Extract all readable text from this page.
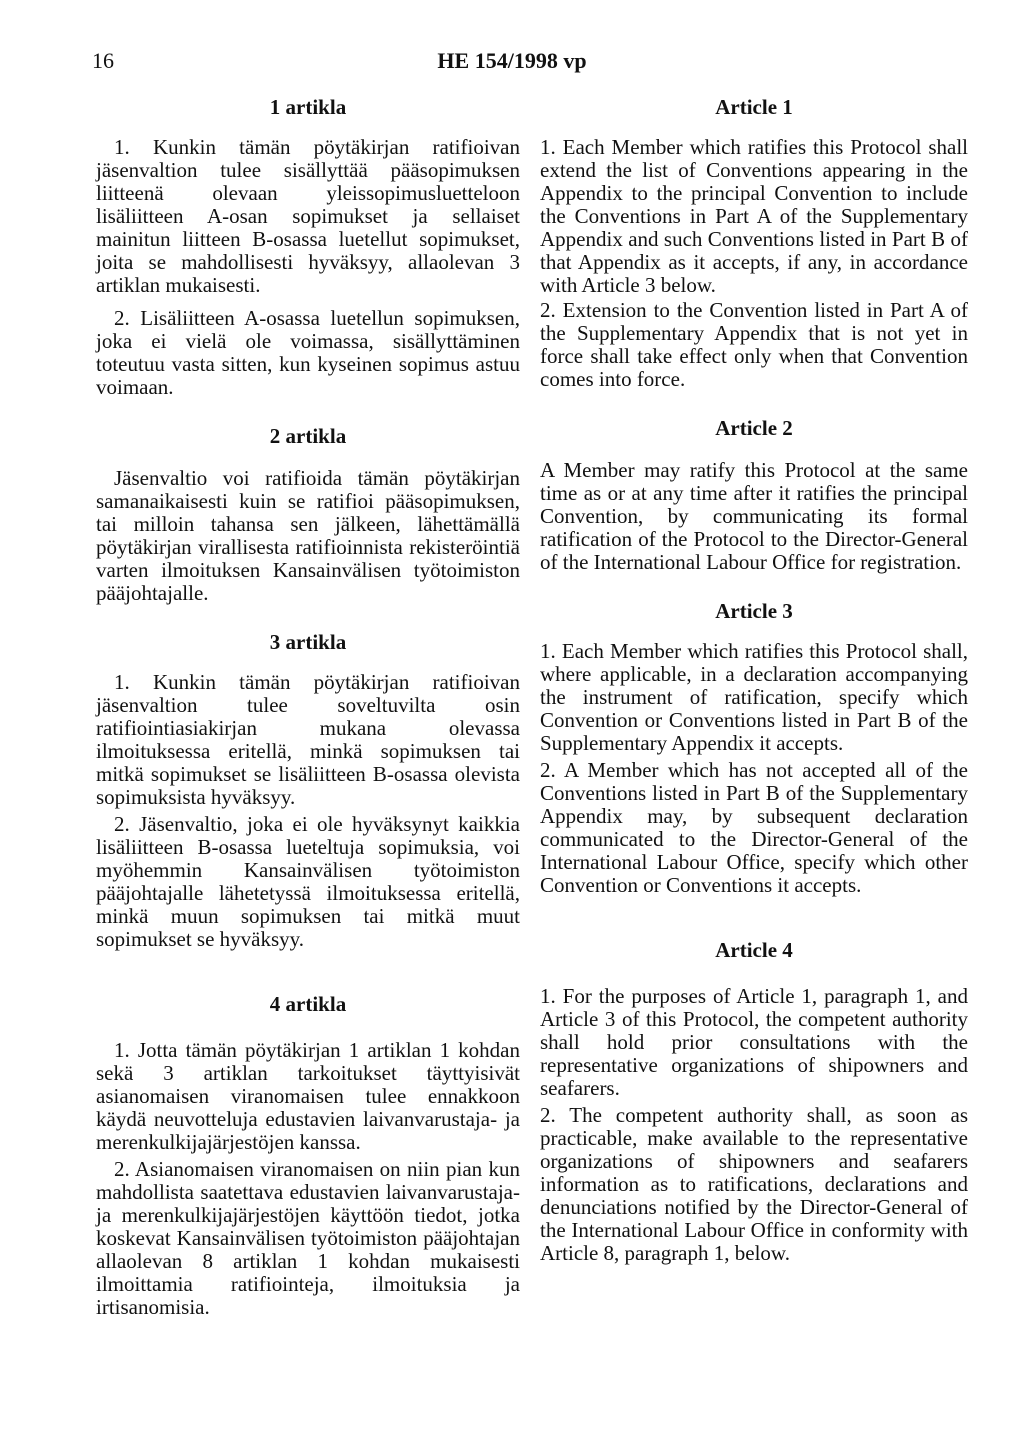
16	HE 154/1998 vp
1 artikla

1. Kunkin tämän pöytäkirjan ratifioivan jäsenvaltion tulee sisällyttää pääsopimuksen liitteenä olevaan yleissopimusluetteloon lisäliitteen A-osan sopimukset ja sellaiset mainitun liitteen B-osassa luetellut sopimukset, joita se mahdollisesti hyväksyy, allaolevan 3 artiklan mukaisesti.

2. Lisäliitteen A-osassa luetellun sopimuksen, joka ei vielä ole voimassa, sisällyttäminen toteutuu vasta sitten, kun kyseinen sopimus astuu voimaan.

2 artikla

Jäsenvaltio voi ratifioida tämän pöytäkirjan samanaikaisesti kuin se ratifioi pääsopimuksen, tai milloin tahansa sen jälkeen, lähettämällä pöytäkirjan virallisesta ratifioinnista rekisteröintiä varten ilmoituksen Kansainvälisen työtoimiston pääjohtajalle.

3 artikla

1. Kunkin tämän pöytäkirjan ratifioivan jäsenvaltion tulee soveltuvilta osin ratifiointiasiakirjan mukana olevassa ilmoituksessa eritellä, minkä sopimuksen tai mitkä sopimukset se lisäliitteen B-osassa olevista sopimuksista hyväksyy.

2. Jäsenvaltio, joka ei ole hyväksynyt kaikkia lisäliitteen B-osassa lueteltuja sopimuksia, voi myöhemmin Kansainvälisen työtoimiston pääjohtajalle lähetetyssä ilmoituksessa eritellä, minkä muun sopimuksen tai mitkä muut sopimukset se hyväksyy.

4 artikla

1. Jotta tämän pöytäkirjan 1 artiklan 1 kohdan sekä 3 artiklan tarkoitukset täyttyisivät asianomaisen viranomaisen tulee ennakkoon käydä neuvotteluja edustavien laivanvarustaja- ja merenkulkijajärjestöjen kanssa.

2. Asianomaisen viranomaisen on niin pian kun mahdollista saatettava edustavien laivanvarustaja- ja merenkulkijajärjestöjen käyttöön tiedot, jotka koskevat Kansainvälisen työtoimiston pääjohtajan allaolevan 8 artiklan 1 kohdan mukaisesti ilmoittamia ratifiointeja, ilmoituksia ja irtisanomisia.

Article 1

1. Each Member which ratifies this Protocol shall extend the list of Conventions appearing in the Appendix to the principal Convention to include the Conventions in Part A of the Supplementary Appendix and such Conventions listed in Part B of that Appendix as it accepts, if any, in accordance with Article 3 below.

2. Extension to the Convention listed in Part A of the Supplementary Appendix that is not yet in force shall take effect only when that Convention comes into force.

Article 2

A Member may ratify this Protocol at the same time as or at any time after it ratifies the principal Convention, by communicating its formal ratification of the Protocol to the Director-General of the International Labour Office for registration.

Article 3

1. Each Member which ratifies this Protocol shall, where applicable, in a declaration accompanying the instrument of ratification, specify which Convention or Conventions listed in Part B of the Supplementary Appendix it accepts.

2. A Member which has not accepted all of the Conventions listed in Part B of the Supplementary Appendix may, by subsequent declaration communicated to the Director-General of the International Labour Office, specify which other Convention or Conventions it accepts.

Article 4

1. For the purposes of Article 1, paragraph 1, and Article 3 of this Protocol, the competent authority shall hold prior consultations with the representative organizations of shipowners and seafarers.

2. The competent authority shall, as soon as practicable, make available to the representative organizations of shipowners and seafarers information as to ratifications, declarations and denunciations notified by the Director-General of the International Labour Office in conformity with Article 8, paragraph 1, below.
